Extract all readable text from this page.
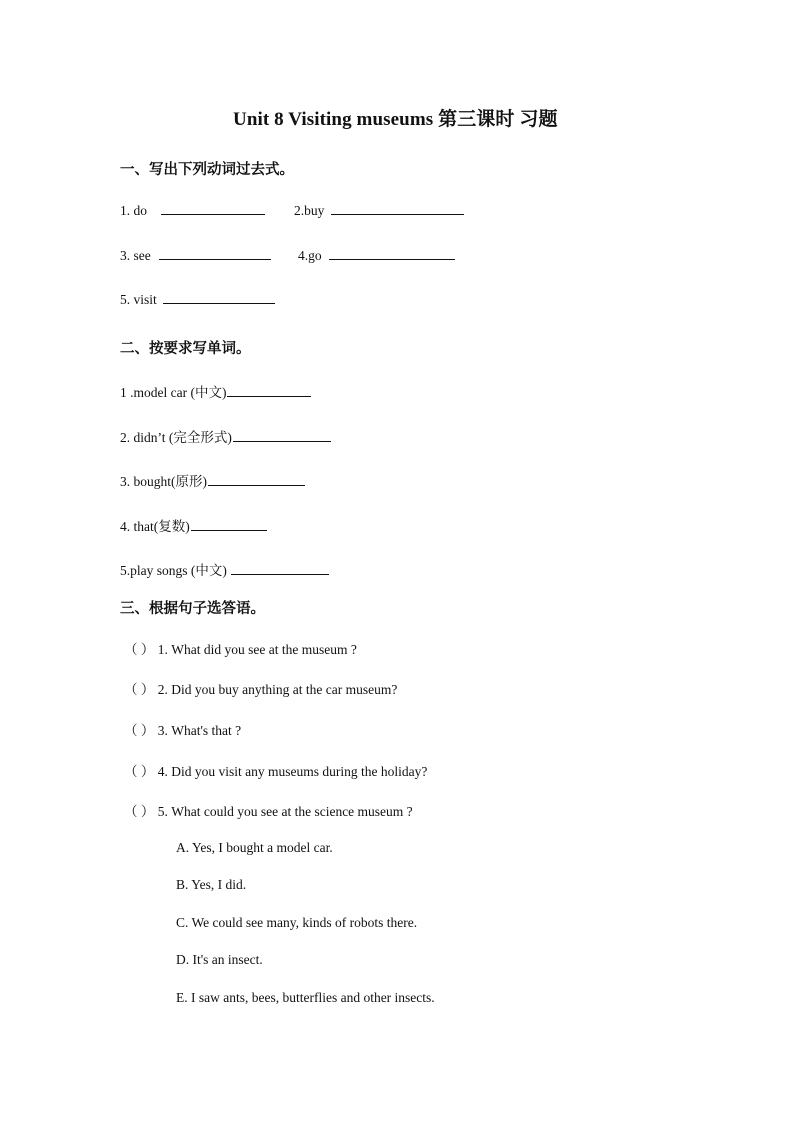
Unit 8 Visiting museums 第三课时 习题
一、写出下列动词过去式。
1. do	2.buy
3. see	4.go
5. visit
二、按要求写单词。
1 .model car (中文)
2. didn’t (完全形式)
3. bought(原形)
4. that(复数)
5.play songs (中文)
三、根据句子选答语。
（ ） 1. What did you see at the museum ?
（ ） 2. Did you buy anything at the car museum?
（ ） 3. What's that ?
（ ） 4. Did you visit any museums during the holiday?
（ ） 5. What could you see at the science museum ?
A. Yes, I bought a model car.
B. Yes, I did.
C. We could see many, kinds of robots there.
D. It's an insect.
E. I saw ants, bees, butterflies and other insects.
